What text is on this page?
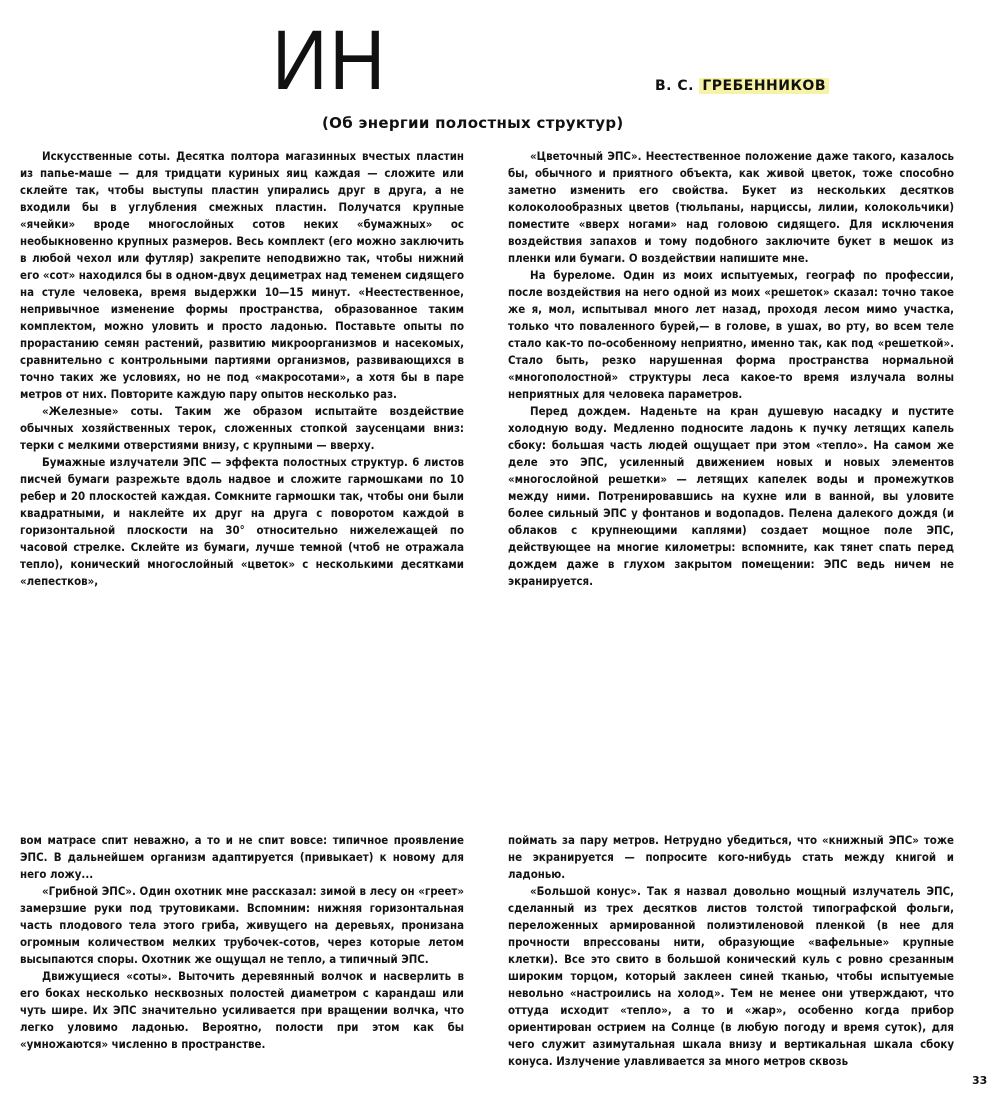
ИН	В. С. ГРЕБЕННИКОВ
(Об энергии полостных структур)

Искусственные соты. Десятка полтора магазинных вчестых пластин из папье-маше — для тридцати куриных яиц каждая — сложите или склейте так, чтобы выступы пластин упирались друг в друга, а не входили бы в углубления смежных пластин. Получатся крупные «ячейки» вроде многослойных сотов неких «бумажных» ос необыкновенно крупных размеров. Весь комплект (его можно заключить в любой чехол или футляр) закрепите неподвижно так, чтобы нижний его «сот» находился бы в одном-двух дециметрах над теменем сидящего на стуле человека, время выдержки 10—15 минут. «Неестественное, непривычное изменение формы пространства, образованное таким комплектом, можно уловить и просто ладонью. Поставьте опыты по прорастанию семян растений, развитию микроорганизмов и насекомых, сравнительно с контрольными партиями организмов, развивающихся в точно таких же условиях, но не под «макросотами», а хотя бы в паре метров от них. Повторите каждую пару опытов несколько раз.

«Железные» соты. Таким же образом испытайте воздействие обычных хозяйственных терок, сложенных стопкой заусенцами вниз: терки с мелкими отверстиями внизу, с крупными — вверху.

Бумажные излучатели ЭПС — эффекта полостных структур. 6 листов писчей бумаги разрежьте вдоль надвое и сложите гармошками по 10 ребер и 20 плоскостей каждая. Сомкните гармошки так, чтобы они были квадратными, и наклейте их друг на друга с поворотом каждой в горизонтальной плоскости на 30° относительно нижележащей по часовой стрелке. Склейте из бумаги, лучше темной (чтоб не отражала тепло), конический многослойный «цветок» с несколькими десятками «лепестков»,

«Цветочный ЭПС». Неестественное положение даже такого, казалось бы, обычного и приятного объекта, как живой цветок, тоже способно заметно изменить его свойства. Букет из нескольких десятков колоколообразных цветов (тюльпаны, нарциссы, лилии, колокольчики) поместите «вверх ногами» над головою сидящего. Для исключения воздействия запахов и тому подобного заключите букет в мешок из пленки или бумаги. О воздействии напишите мне.

На буреломе. Один из моих испытуемых, географ по профессии, после воздействия на него одной из моих «решеток» сказал: точно такое же я, мол, испытывал много лет назад, проходя лесом мимо участка, только что поваленного бурей,— в голове, в ушах, во рту, во всем теле стало как-то по-особенному неприятно, именно так, как под «решеткой». Стало быть, резко нарушенная форма пространства нормальной «многополостной» структуры леса какое-то время излучала волны неприятных для человека параметров.

Перед дождем. Наденьте на кран душевую насадку и пустите холодную воду. Медленно подносите ладонь к пучку летящих капель сбоку: большая часть людей ощущает при этом «тепло». На самом же деле это ЭПС, усиленный движением новых и новых элементов «многослойной решетки» — летящих капелек воды и промежутков между ними. Потренировавшись на кухне или в ванной, вы уловите более сильный ЭПС у фонтанов и водопадов. Пелена далекого дождя (и облаков с крупнеющими каплями) создает мощное поле ЭПС, действующее на многие километры: вспомните, как тянет спать перед дождем даже в глухом закрытом помещении: ЭПС ведь ничем не экранируется.

вом матрасе спит неважно, а то и не спит вовсе: типичное проявление ЭПС. В дальнейшем организм адаптируется (привыкает) к новому для него ложу...

«Грибной ЭПС». Один охотник мне рассказал: зимой в лесу он «греет» замерзшие руки под трутовиками. Вспомним: нижняя горизонтальная часть плодового тела этого гриба, живущего на деревьях, пронизана огромным количеством мелких трубочек-сотов, через которые летом высыпаются споры. Охотник же ощущал не тепло, а типичный ЭПС.

Движущиеся «соты». Выточить деревянный волчок и насверлить в его боках несколько несквозных полостей диаметром с карандаш или чуть шире. Их ЭПС значительно усиливается при вращении волчка, что легко уловимо ладонью. Вероятно, полости при этом как бы «умножаются» численно в пространстве.

поймать за пару метров. Нетрудно убедиться, что «книжный ЭПС» тоже не экранируется — попросите кого-нибудь стать между книгой и ладонью.

«Большой конус». Так я назвал довольно мощный излучатель ЭПС, сделанный из трех десятков листов толстой типографской фольги, переложенных армированной полиэтиленовой пленкой (в нее для прочности впрессованы нити, образующие «вафельные» крупные клетки). Все это свито в большой конический куль с ровно срезанным широким торцом, который заклеен синей тканью, чтобы испытуемые невольно «настроились на холод». Тем не менее они утверждают, что оттуда исходит «тепло», а то и «жар», особенно когда прибор ориентирован острием на Солнце (в любую погоду и время суток), для чего служит азимутальная шкала внизу и вертикальная шкала сбоку конуса. Излучение улавливается за много метров сквозь

33
